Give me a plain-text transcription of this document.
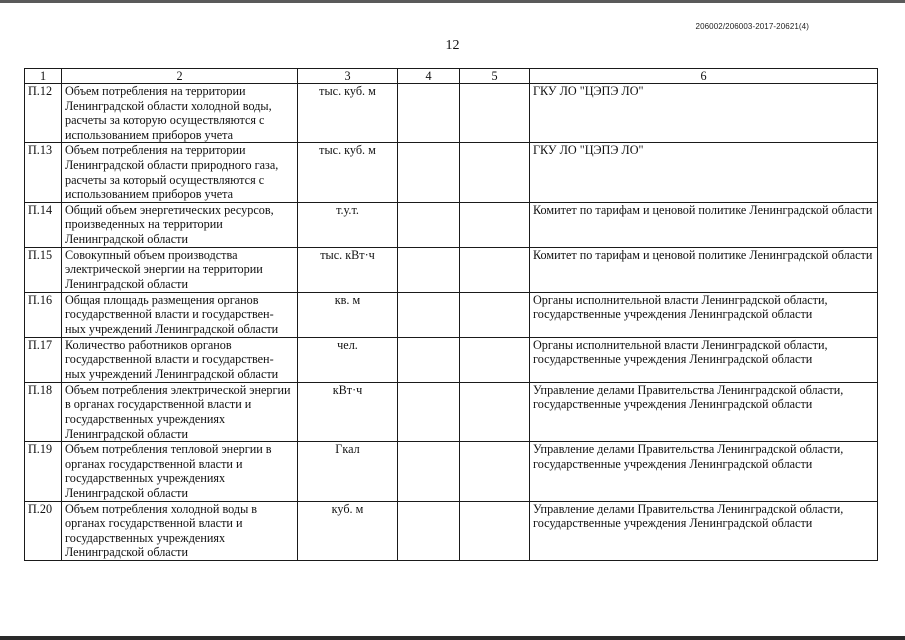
206002/206003-2017-20621(4)
12
1	2	3	4	5	6
П.12	Объем потребления на территории Ленинградской области холодной воды, расчеты за которую осуществляются с использованием приборов учета	тыс. куб. м			ГКУ ЛО "ЦЭПЭ ЛО"
П.13	Объем потребления на территории Ленинградской области природного газа, расчеты за который осуществляются с использованием приборов учета	тыс. куб. м			ГКУ ЛО "ЦЭПЭ ЛО"
П.14	Общий объем энергетических ресурсов, произведенных на территории Ленинградской области	т.у.т.			Комитет по тарифам и ценовой политике Ленинградской области
П.15	Совокупный объем производства электрической энергии на территории Ленинградской области	тыс. кВт·ч			Комитет по тарифам и ценовой политике Ленинградской области
П.16	Общая площадь размещения органов государственной власти и государствен-ных учреждений Ленинградской области	кв. м			Органы исполнительной власти Ленинградской области, государственные учреждения Ленинградской области
П.17	Количество работников органов государственной власти и государствен-ных учреждений Ленинградской области	чел.			Органы исполнительной власти Ленинградской области, государственные учреждения Ленинградской области
П.18	Объем потребления электрической энергии в органах государственной власти и государственных учреждениях Ленинградской области	кВт·ч			Управление делами Правительства Ленинградской области, государственные учреждения Ленинградской области
П.19	Объем потребления тепловой энергии в органах государственной власти и государственных учреждениях Ленинградской области	Гкал			Управление делами Правительства Ленинградской области, государственные учреждения Ленинградской области
П.20	Объем потребления холодной воды в органах государственной власти и государственных учреждениях Ленинградской области	куб. м			Управление делами Правительства Ленинградской области, государственные учреждения Ленинградской области
